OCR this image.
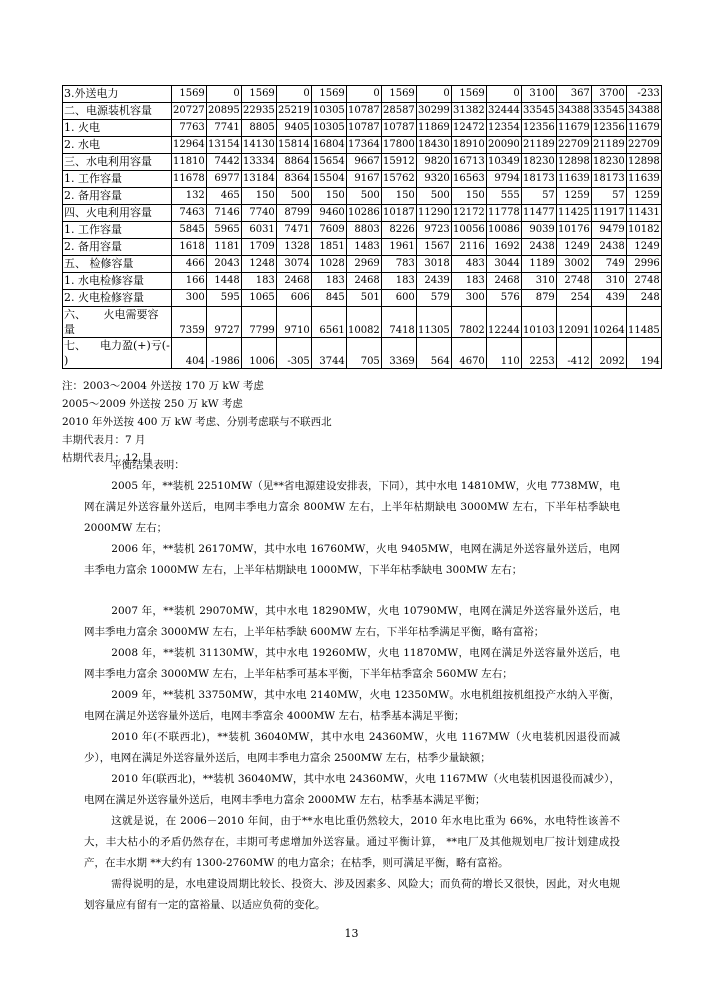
3.外送电力	1569	0	1569	0	1569	0	1569	0	1569	0	3100	367	3700	-233
二、电源装机容量	20727	20895	22935	25219	10305	10787	28587	30299	31382	32444	33545	34388	33545	34388
1. 火电	7763	7741	8805	9405	10305	10787	10787	11869	12472	12354	12356	11679	12356	11679
2. 水电	12964	13154	14130	15814	16804	17364	17800	18430	18910	20090	21189	22709	21189	22709
三、水电利用容量	11810	7442	13334	8864	15654	9667	15912	9820	16713	10349	18230	12898	18230	12898
1. 工作容量	11678	6977	13184	8364	15504	9167	15762	9320	16563	9794	18173	11639	18173	11639
2. 备用容量	132	465	150	500	150	500	150	500	150	555	57	1259	57	1259
四、火电利用容量	7463	7146	7740	8799	9460	10286	10187	11290	12172	11778	11477	11425	11917	11431
1. 工作容量	5845	5965	6031	7471	7609	8803	8226	9723	10056	10086	9039	10176	9479	10182
2. 备用容量	1618	1181	1709	1328	1851	1483	1961	1567	2116	1692	2438	1249	2438	1249
五、 检修容量	466	2043	1248	3074	1028	2969	783	3018	483	3044	1189	3002	749	2996
1. 水电检修容量	166	1448	183	2468	183	2468	183	2439	183	2468	310	2748	310	2748
2. 火电检修容量	300	595	1065	606	845	501	600	579	300	576	879	254	439	248
六、     火电需要容
量	7359	9727	7799	9710	6561	10082	7418	11305	7802	12244	10103	12091	10264	11485
七、    电力盈(+)亏(-
)	404	-1986	1006	-305	3744	705	3369	564	4670	110	2253	-412	2092	194
注：2003～2004 外送按 170 万 kW 考虑
2005～2009 外送按 250 万 kW 考虑
2010 年外送按 400 万 kW 考虑、分别考虑联与不联西北
丰期代表月：7 月
枯期代表月：12 月

平衡结果表明：

2005 年，**装机 22510MW（见**省电源建设安排表，下同），其中水电 14810MW，火电 7738MW，电网在满足外送容量外送后，电网丰季电力富余 800MW 左右，上半年枯期缺电 3000MW 左右，下半年枯季缺电 2000MW 左右；

2006 年，**装机 26170MW，其中水电 16760MW，火电 9405MW，电网在满足外送容量外送后，电网丰季电力富余 1000MW 左右，上半年枯期缺电 1000MW，下半年枯季缺电 300MW 左右；

2007 年，**装机 29070MW，其中水电 18290MW，火电 10790MW，电网在满足外送容量外送后，电网丰季电力富余 3000MW 左右，上半年枯季缺 600MW 左右，下半年枯季满足平衡，略有富裕；

2008 年，**装机 31130MW，其中水电 19260MW，火电 11870MW，电网在满足外送容量外送后，电网丰季电力富余 3000MW 左右，上半年枯季可基本平衡，下半年枯季富余 560MW 左右；

2009 年，**装机 33750MW，其中水电 2140MW，火电 12350MW。水电机组按机组投产水纳入平衡，电网在满足外送容量外送后，电网丰季富余 4000MW 左右，枯季基本满足平衡；

2010 年(不联西北)，**装机 36040MW，其中水电 24360MW，火电 1167MW（火电装机因退役而减少），电网在满足外送容量外送后，电网丰季电力富余 2500MW 左右，枯季少量缺额；

2010 年(联西北)，**装机 36040MW，其中水电 24360MW，火电 1167MW（火电装机因退役而减少），电网在满足外送容量外送后，电网丰季电力富余 2000MW 左右，枯季基本满足平衡；

这就是说，在 2006－2010 年间，由于**水电比重仍然较大，2010 年水电比重为 66%，水电特性该善不大，丰大枯小的矛盾仍然存在，丰期可考虑增加外送容量。通过平衡计算， **电厂及其他规划电厂按计划建成投产，在丰水期 **大约有 1300-2760MW 的电力富余；在枯季，则可满足平衡，略有富裕。

需得说明的是，水电建设周期比较长、投资大、涉及因素多、风险大；而负荷的增长又很快，因此，对火电规划容量应有留有一定的富裕量、以适应负荷的变化。

13
